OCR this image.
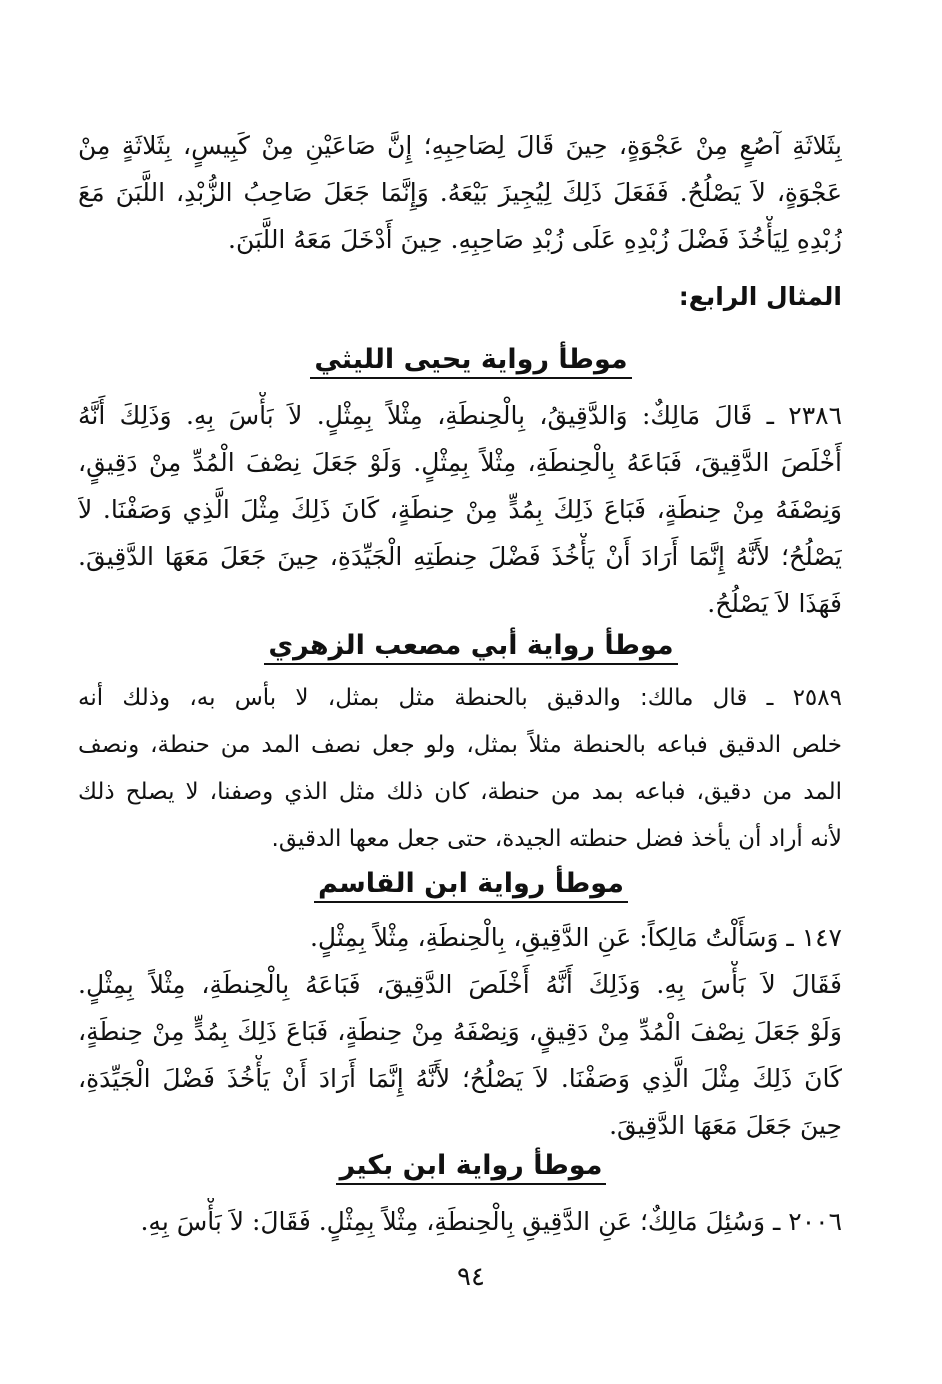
بِثَلاثَةِ آصُعٍ مِنْ عَجْوَةٍ، حِينَ قَالَ لِصَاحِبِهِ؛ إِنَّ صَاعَيْنِ مِنْ كَبِيسٍ، بِثَلاثَةٍ مِنْ
عَجْوَةٍ، لاَ يَصْلُحُ. فَفَعَلَ ذَلِكَ لِيُجِيزَ بَيْعَهُ. وَإِنَّمَا جَعَلَ صَاحِبُ الزُّبْدِ، اللَّبَنَ مَعَ
زُبْدِهِ لِيَأْخُذَ فَضْلَ زُبْدِهِ عَلَى زُبْدِ صَاحِبِهِ. حِينَ أَدْخَلَ مَعَهُ اللَّبَنَ.
المثال الرابع:
موطأ رواية يحيى الليثي
٢٣٨٦ ـ قَالَ مَالِكٌ: وَالدَّقِيقُ، بِالْحِنطَةِ، مِثْلاً بِمِثْلٍ. لاَ بَأْسَ بِهِ. وَذَلِكَ أَنَّهُ
أَخْلَصَ الدَّقِيقَ، فَبَاعَهُ بِالْحِنطَةِ، مِثْلاً بِمِثْلٍ. وَلَوْ جَعَلَ نِصْفَ الْمُدِّ مِنْ دَقِيقٍ،
وَنِصْفَهُ مِنْ حِنطَةٍ، فَبَاعَ ذَلِكَ بِمُدٍّ مِنْ حِنطَةٍ، كَانَ ذَلِكَ مِثْلَ الَّذِي وَصَفْنَا. لاَ
يَصْلُحُ؛ لأَنَّهُ إِنَّمَا أَرَادَ أَنْ يَأْخُذَ فَضْلَ حِنطَتِهِ الْجَيِّدَةِ، حِينَ جَعَلَ مَعَهَا الدَّقِيقَ.
فَهَذَا لاَ يَصْلُحُ.
موطأ رواية أبي مصعب الزهري
٢٥٨٩ ـ قال مالك: والدقيق بالحنطة مثل بمثل، لا بأس به، وذلك أنه
خلص الدقيق فباعه بالحنطة مثلاً بمثل، ولو جعل نصف المد من حنطة، ونصف
المد من دقيق، فباعه بمد من حنطة، كان ذلك مثل الذي وصفنا، لا يصلح ذلك
لأنه أراد أن يأخذ فضل حنطته الجيدة، حتى جعل معها الدقيق.
موطأ رواية ابن القاسم
١٤٧ ـ وَسَأَلْتُ مَالِكاً: عَنِ الدَّقِيقِ، بِالْحِنطَةِ، مِثْلاً بِمِثْلٍ.
فَقَالَ لاَ بَأْسَ بِهِ. وَذَلِكَ أَنَّهُ أَخْلَصَ الدَّقِيقَ، فَبَاعَهُ بِالْحِنطَةِ، مِثْلاً بِمِثْلٍ.
وَلَوْ جَعَلَ نِصْفَ الْمُدِّ مِنْ دَقِيقٍ، وَنِصْفَهُ مِنْ حِنطَةٍ، فَبَاعَ ذَلِكَ بِمُدٍّ مِنْ حِنطَةٍ،
كَانَ ذَلِكَ مِثْلَ الَّذِي وَصَفْنَا. لاَ يَصْلُحُ؛ لأَنَّهُ إِنَّمَا أَرَادَ أَنْ يَأْخُذَ فَضْلَ الْجَيِّدَةِ،
حِينَ جَعَلَ مَعَهَا الدَّقِيقَ.
موطأ رواية ابن بكير
٢٠٠٦ ـ وَسُئِلَ مَالِكٌ؛ عَنِ الدَّقِيقِ بِالْحِنطَةِ، مِثْلاً بِمِثْلٍ. فَقَالَ: لاَ بَأْسَ بِهِ.
٩٤
